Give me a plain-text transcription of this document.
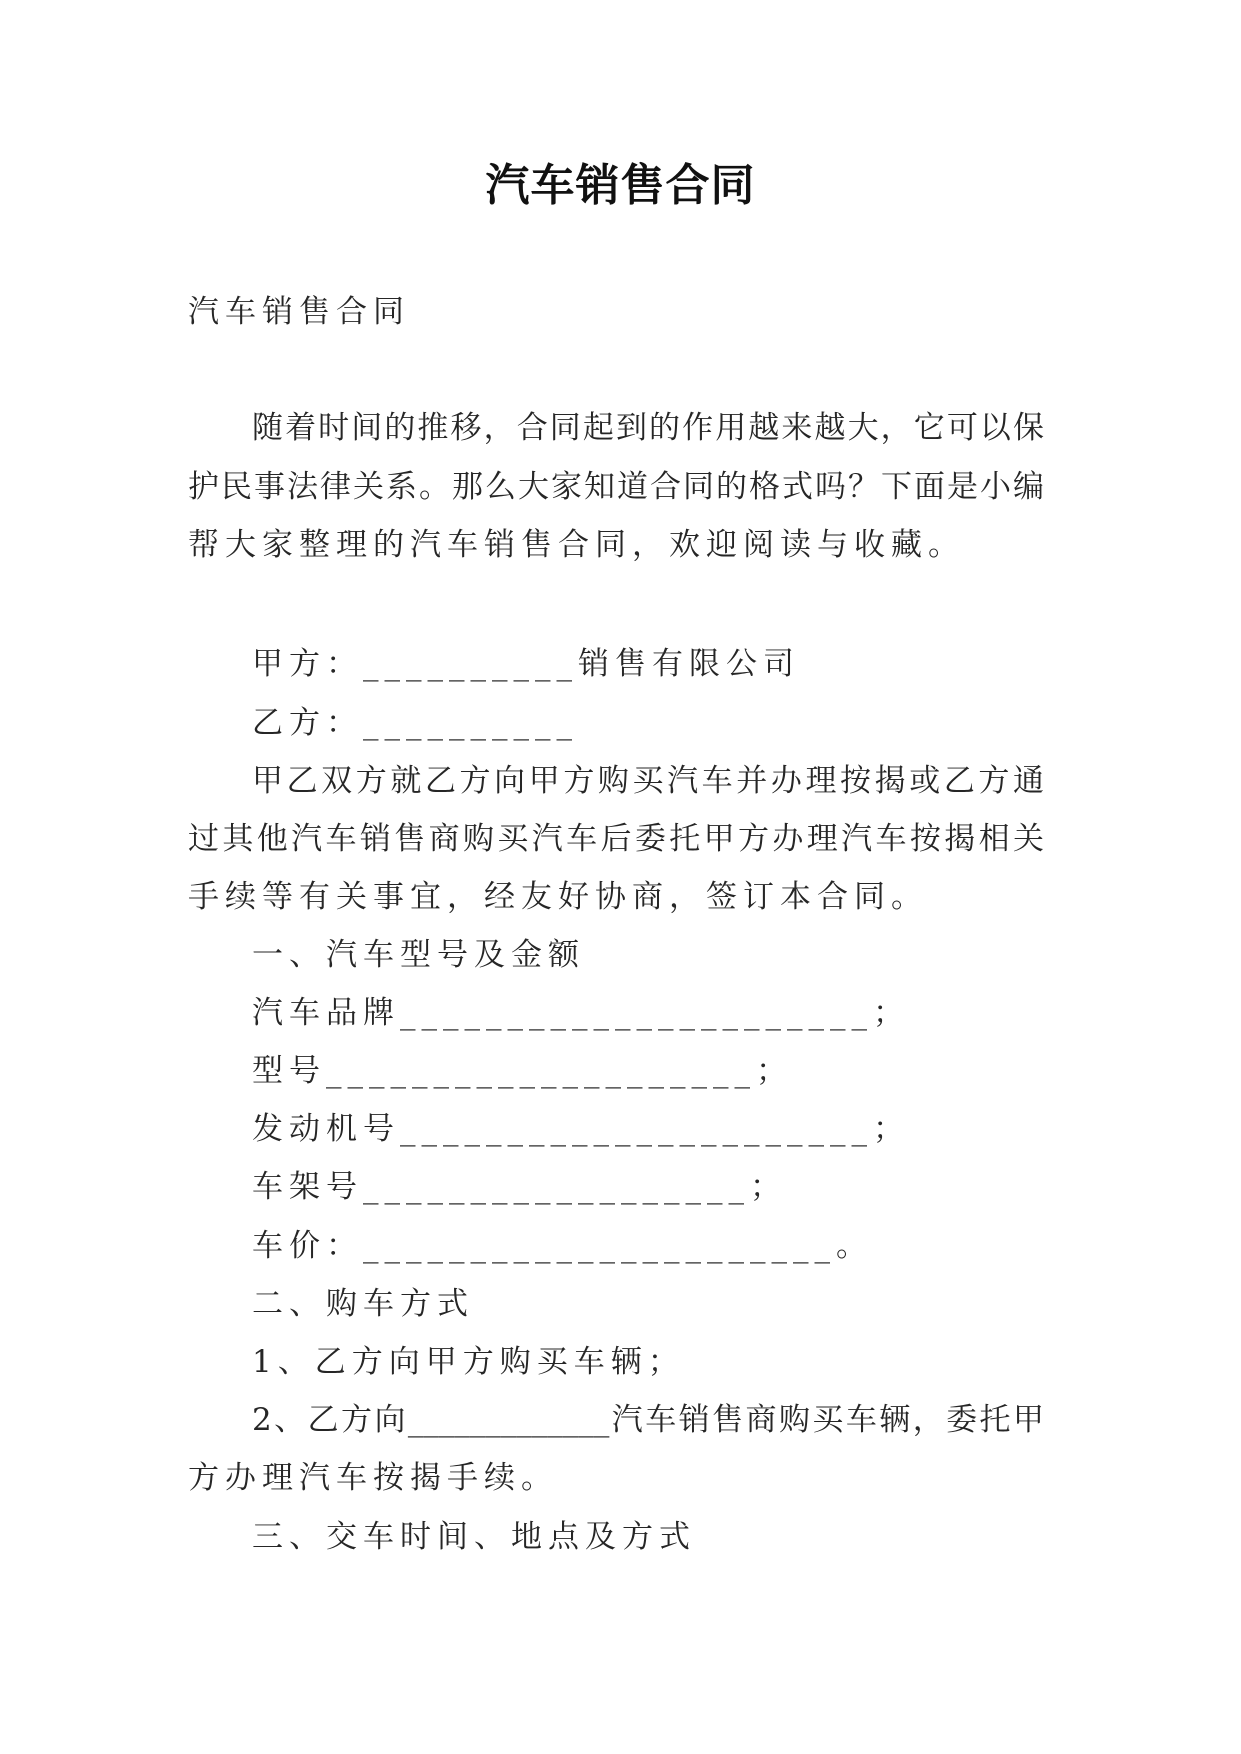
汽车销售合同
汽车销售合同
随着时间的推移，合同起到的作用越来越大，它可以保
护民事法律关系。那么大家知道合同的格式吗？下面是小编
帮大家整理的汽车销售合同，欢迎阅读与收藏。
甲方：__________销售有限公司
乙方：__________
甲乙双方就乙方向甲方购买汽车并办理按揭或乙方通
过其他汽车销售商购买汽车后委托甲方办理汽车按揭相关
手续等有关事宜，经友好协商，签订本合同。
一、汽车型号及金额
汽车品牌______________________；
型号____________________；
发动机号______________________；
车架号__________________；
车价：______________________。
二、购车方式
1、乙方向甲方购买车辆；
2、乙方向_____________汽车销售商购买车辆，委托甲
方办理汽车按揭手续。
三、交车时间、地点及方式
